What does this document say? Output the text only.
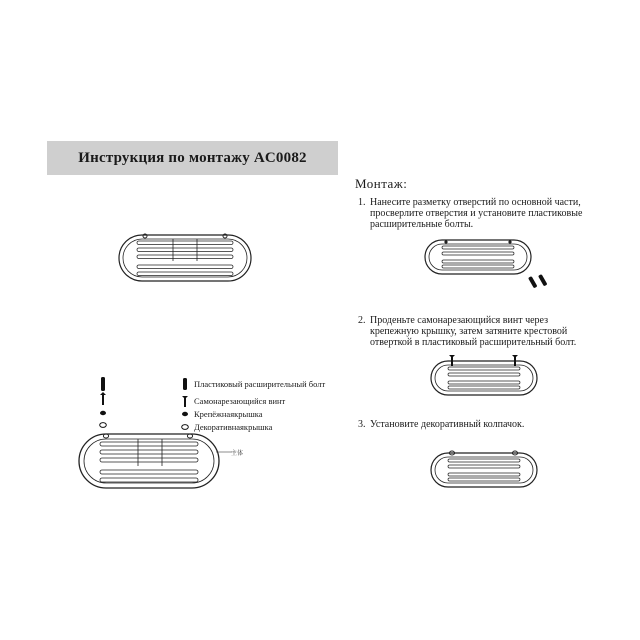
Инструкция по монтажу AC0082
Пластиковый расширительный болт
Самонарезающийся винт
Крепёжнаякрышка
Декоративнаякрышка
主体
Монтаж:
1. Нанесите разметку отверстий по основной части,
просверлите отверстия и установите пластиковые
расширительные болты.
2. Проденьте самонарезающийся винт через
крепежную крышку, затем затяните крестовой
отверткой в пластиковый расширительный болт.
3. Установите декоративный колпачок.
